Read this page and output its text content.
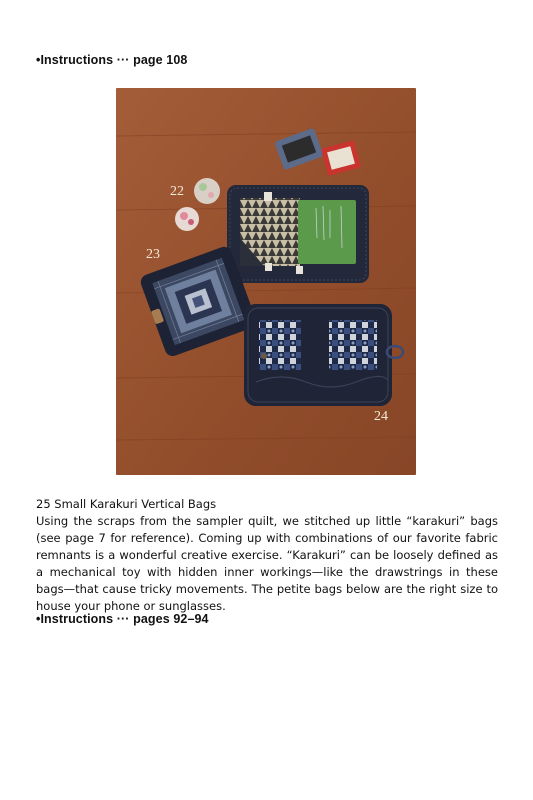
•Instructions ··· page 108
22
23
24
25 Small Karakuri Vertical Bags

Using the scraps from the sampler quilt, we stitched up little “karakuri” bags (see page 7 for reference). Coming up with combinations of our favorite fabric remnants is a wonderful creative exercise. “Karakuri” can be loosely defined as a mechanical toy with hidden inner workings—like the drawstrings in these bags—that cause tricky movements. The petite bags below are the right size to house your phone or sunglasses.

•Instructions ··· pages 92–94
